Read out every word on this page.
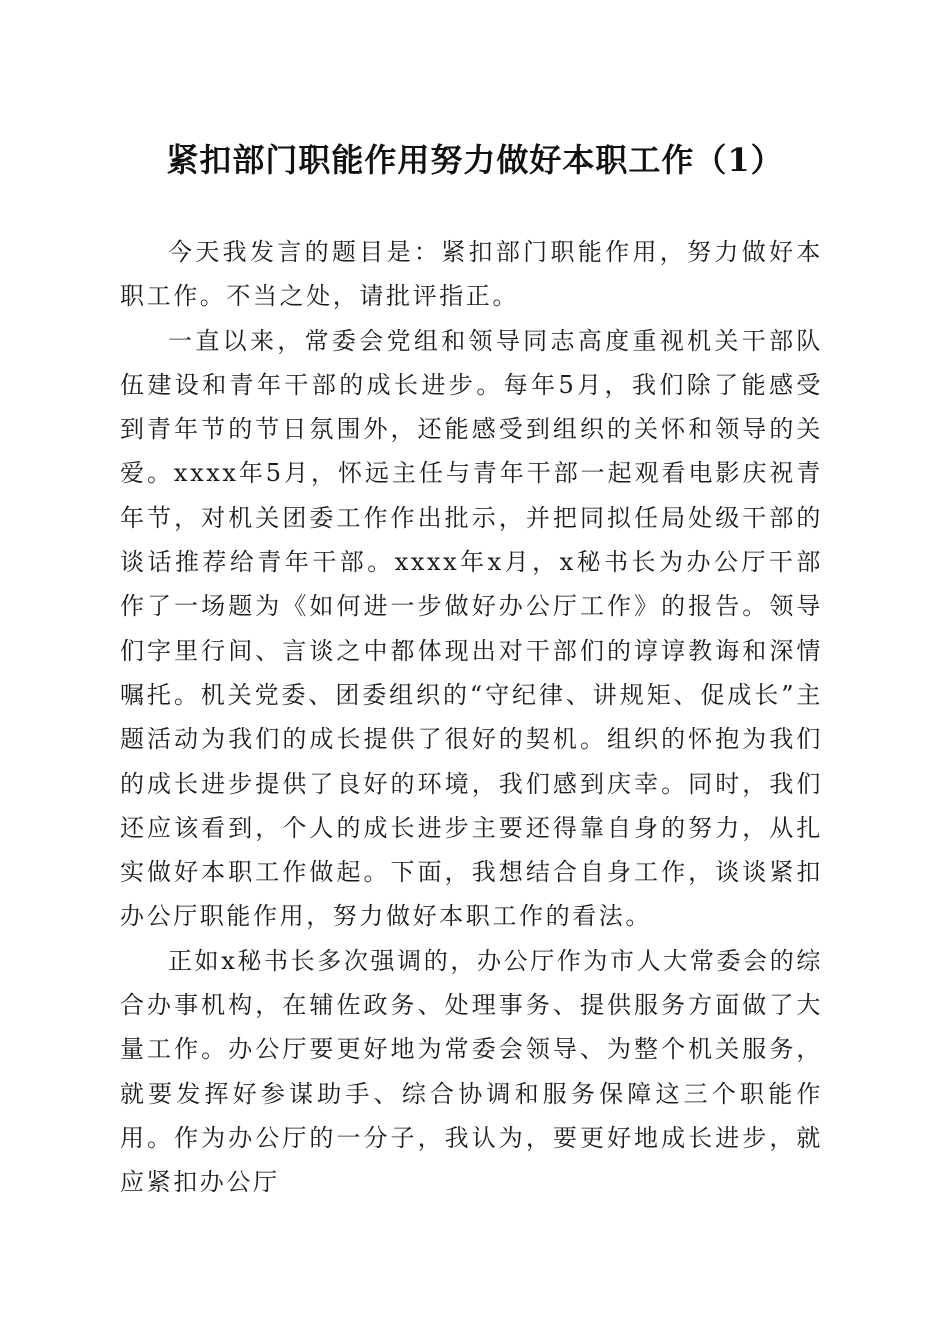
紧扣部门职能作用努力做好本职工作（1）

今天我发言的题目是：紧扣部门职能作用，努力做好本职工作。不当之处，请批评指正。

一直以来，常委会党组和领导同志高度重视机关干部队伍建设和青年干部的成长进步。每年5月，我们除了能感受到青年节的节日氛围外，还能感受到组织的关怀和领导的关爱。xxxx年5月，怀远主任与青年干部一起观看电影庆祝青年节，对机关团委工作作出批示，并把同拟任局处级干部的谈话推荐给青年干部。xxxx年x月，x秘书长为办公厅干部作了一场题为《如何进一步做好办公厅工作》的报告。领导们字里行间、言谈之中都体现出对干部们的谆谆教诲和深情嘱托。机关党委、团委组织的“守纪律、讲规矩、促成长”主题活动为我们的成长提供了很好的契机。组织的怀抱为我们的成长进步提供了良好的环境，我们感到庆幸。同时，我们还应该看到，个人的成长进步主要还得靠自身的努力，从扎实做好本职工作做起。下面，我想结合自身工作，谈谈紧扣办公厅职能作用，努力做好本职工作的看法。

正如x秘书长多次强调的，办公厅作为市人大常委会的综合办事机构，在辅佐政务、处理事务、提供服务方面做了大量工作。办公厅要更好地为常委会领导、为整个机关服务，就要发挥好参谋助手、综合协调和服务保障这三个职能作用。作为办公厅的一分子，我认为，要更好地成长进步，就应紧扣办公厅
